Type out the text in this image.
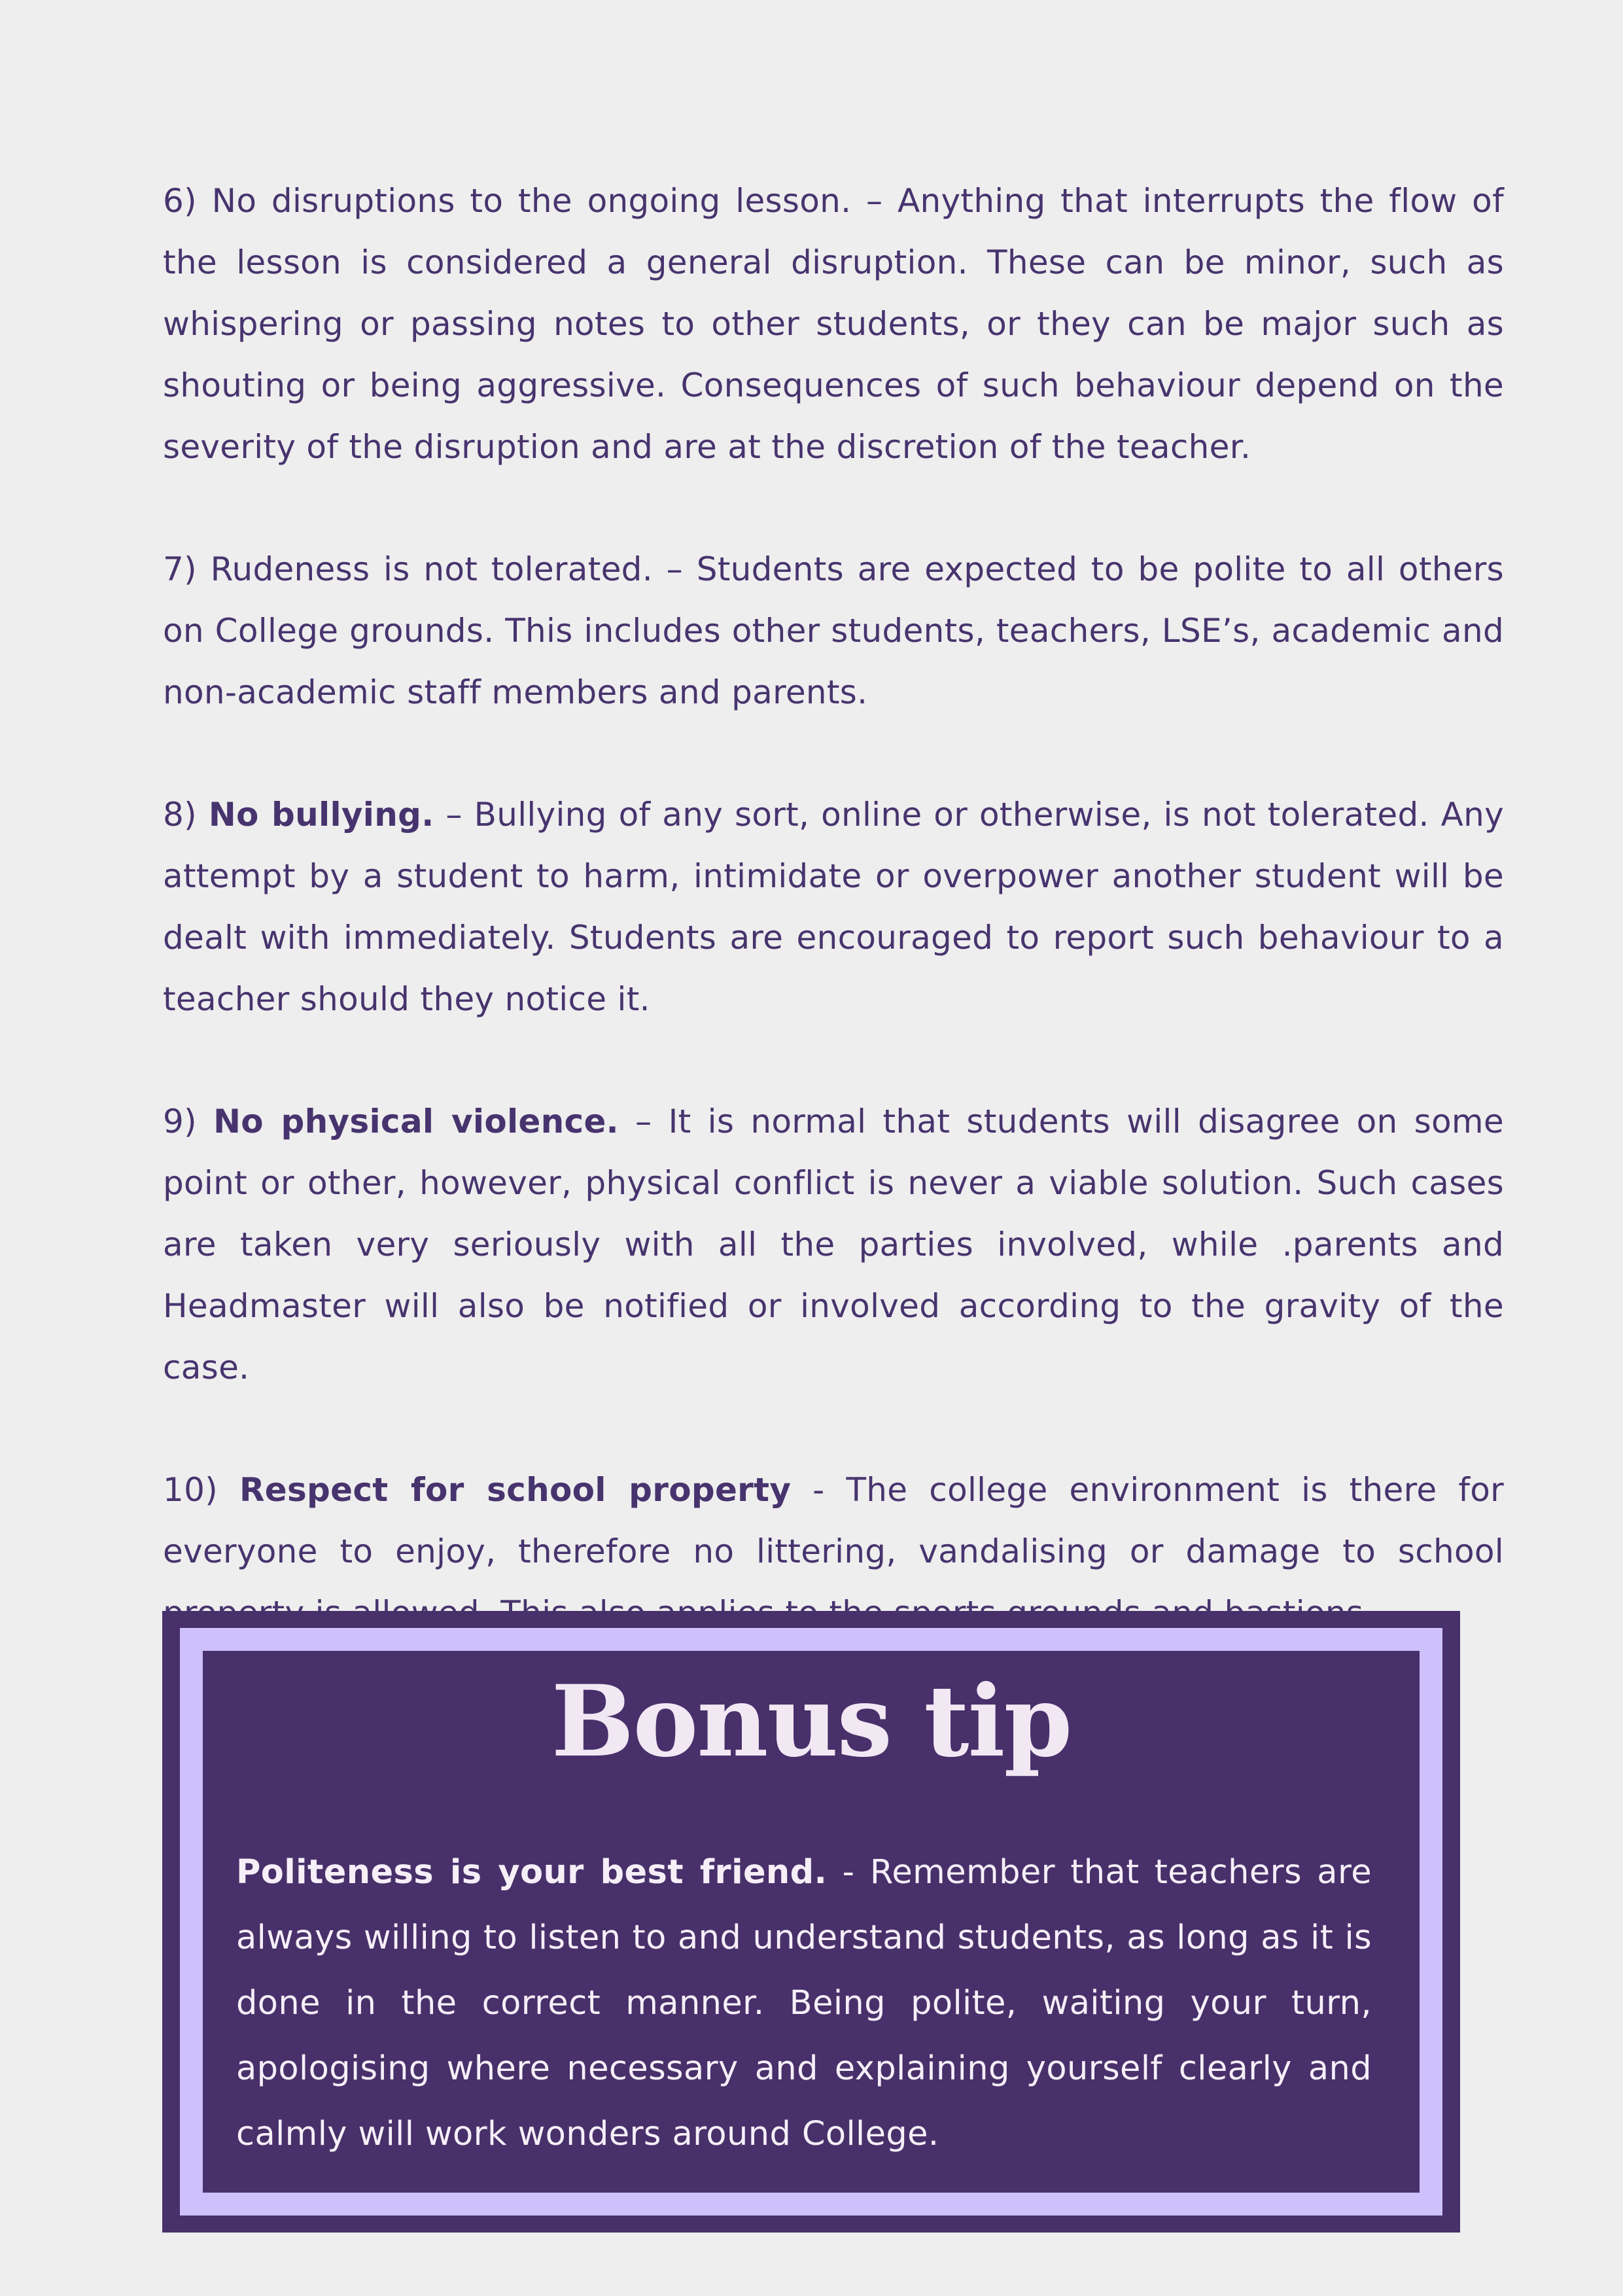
6) No disruptions to the ongoing lesson. – Anything that interrupts the flow of the lesson is considered a general disruption. These can be minor, such as whispering or passing notes to other students, or they can be major such as shouting or being aggressive. Consequences of such behaviour depend on the severity of the disruption and are at the discretion of the teacher.

7) Rudeness is not tolerated. – Students are expected to be polite to all others on College grounds. This includes other students, teachers, LSE’s, academic and non-academic staff members and parents.

8) No bullying. – Bullying of any sort, online or otherwise, is not tolerated. Any attempt by a student to harm, intimidate or overpower another student will be dealt with immediately. Students are encouraged to report such behaviour to a teacher should they notice it.

9) No physical violence. – It is normal that students will disagree on some point or other, however, physical conflict is never a viable solution. Such cases are taken very seriously with all the parties involved, while .parents and Headmaster will also be notified or involved according to the gravity of the case.

10) Respect for school property - The college environment is there for everyone to enjoy, therefore no littering, vandalising or damage to school

Bonus tip

Politeness is your best friend. - Remember that teachers are always willing to listen to and understand students, as long as it is done in the correct manner. Being polite, waiting your turn, apologising where necessary and explaining yourself clearly and calmly will work wonders around College.
